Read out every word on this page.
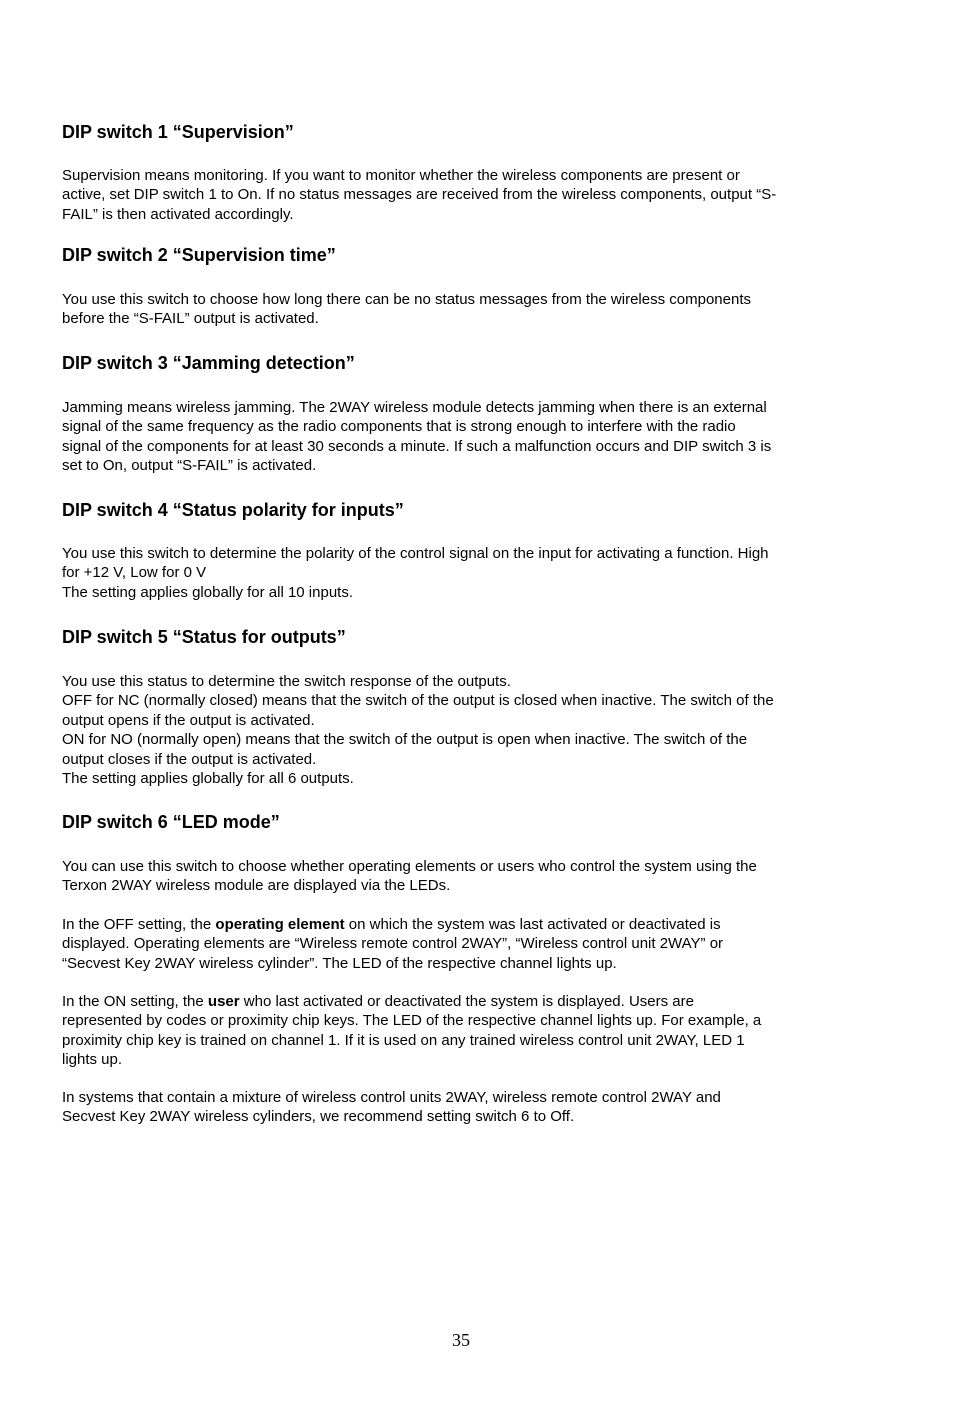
DIP switch 1 “Supervision”
Supervision means monitoring. If you want to monitor whether the wireless components are present or
active, set DIP switch 1 to On. If no status messages are received from the wireless components, output “S-
FAIL” is then activated accordingly.
DIP switch 2 “Supervision time”
You use this switch to choose how long there can be no status messages from the wireless components
before the “S-FAIL” output is activated.
DIP switch 3 “Jamming detection”
Jamming means wireless jamming. The 2WAY wireless module detects jamming when there is an external
signal of the same frequency as the radio components that is strong enough to interfere with the radio
signal of the components for at least 30 seconds a minute. If such a malfunction occurs and DIP switch 3 is
set to On, output “S-FAIL” is activated.
DIP switch 4 “Status polarity for inputs”
You use this switch to determine the polarity of the control signal on the input for activating a function. High
for +12 V, Low for 0 V
The setting applies globally for all 10 inputs.
DIP switch 5 “Status for outputs”
You use this status to determine the switch response of the outputs.
OFF for NC (normally closed) means that the switch of the output is closed when inactive. The switch of the
output opens if the output is activated.
ON for NO (normally open) means that the switch of the output is open when inactive. The switch of the
output closes if the output is activated.
The setting applies globally for all 6 outputs.
DIP switch 6 “LED mode”
You can use this switch to choose whether operating elements or users who control the system using the
Terxon 2WAY wireless module are displayed via the LEDs.
In the OFF setting, the operating element on which the system was last activated or deactivated is
displayed. Operating elements are “Wireless remote control 2WAY”, “Wireless control unit 2WAY” or
“Secvest Key 2WAY wireless cylinder”. The LED of the respective channel lights up.
In the ON setting, the user who last activated or deactivated the system is displayed. Users are
represented by codes or proximity chip keys. The LED of the respective channel lights up. For example, a
proximity chip key is trained on channel 1. If it is used on any trained wireless control unit 2WAY, LED 1
lights up.
In systems that contain a mixture of wireless control units 2WAY, wireless remote control 2WAY and
Secvest Key 2WAY wireless cylinders, we recommend setting switch 6 to Off.
35
